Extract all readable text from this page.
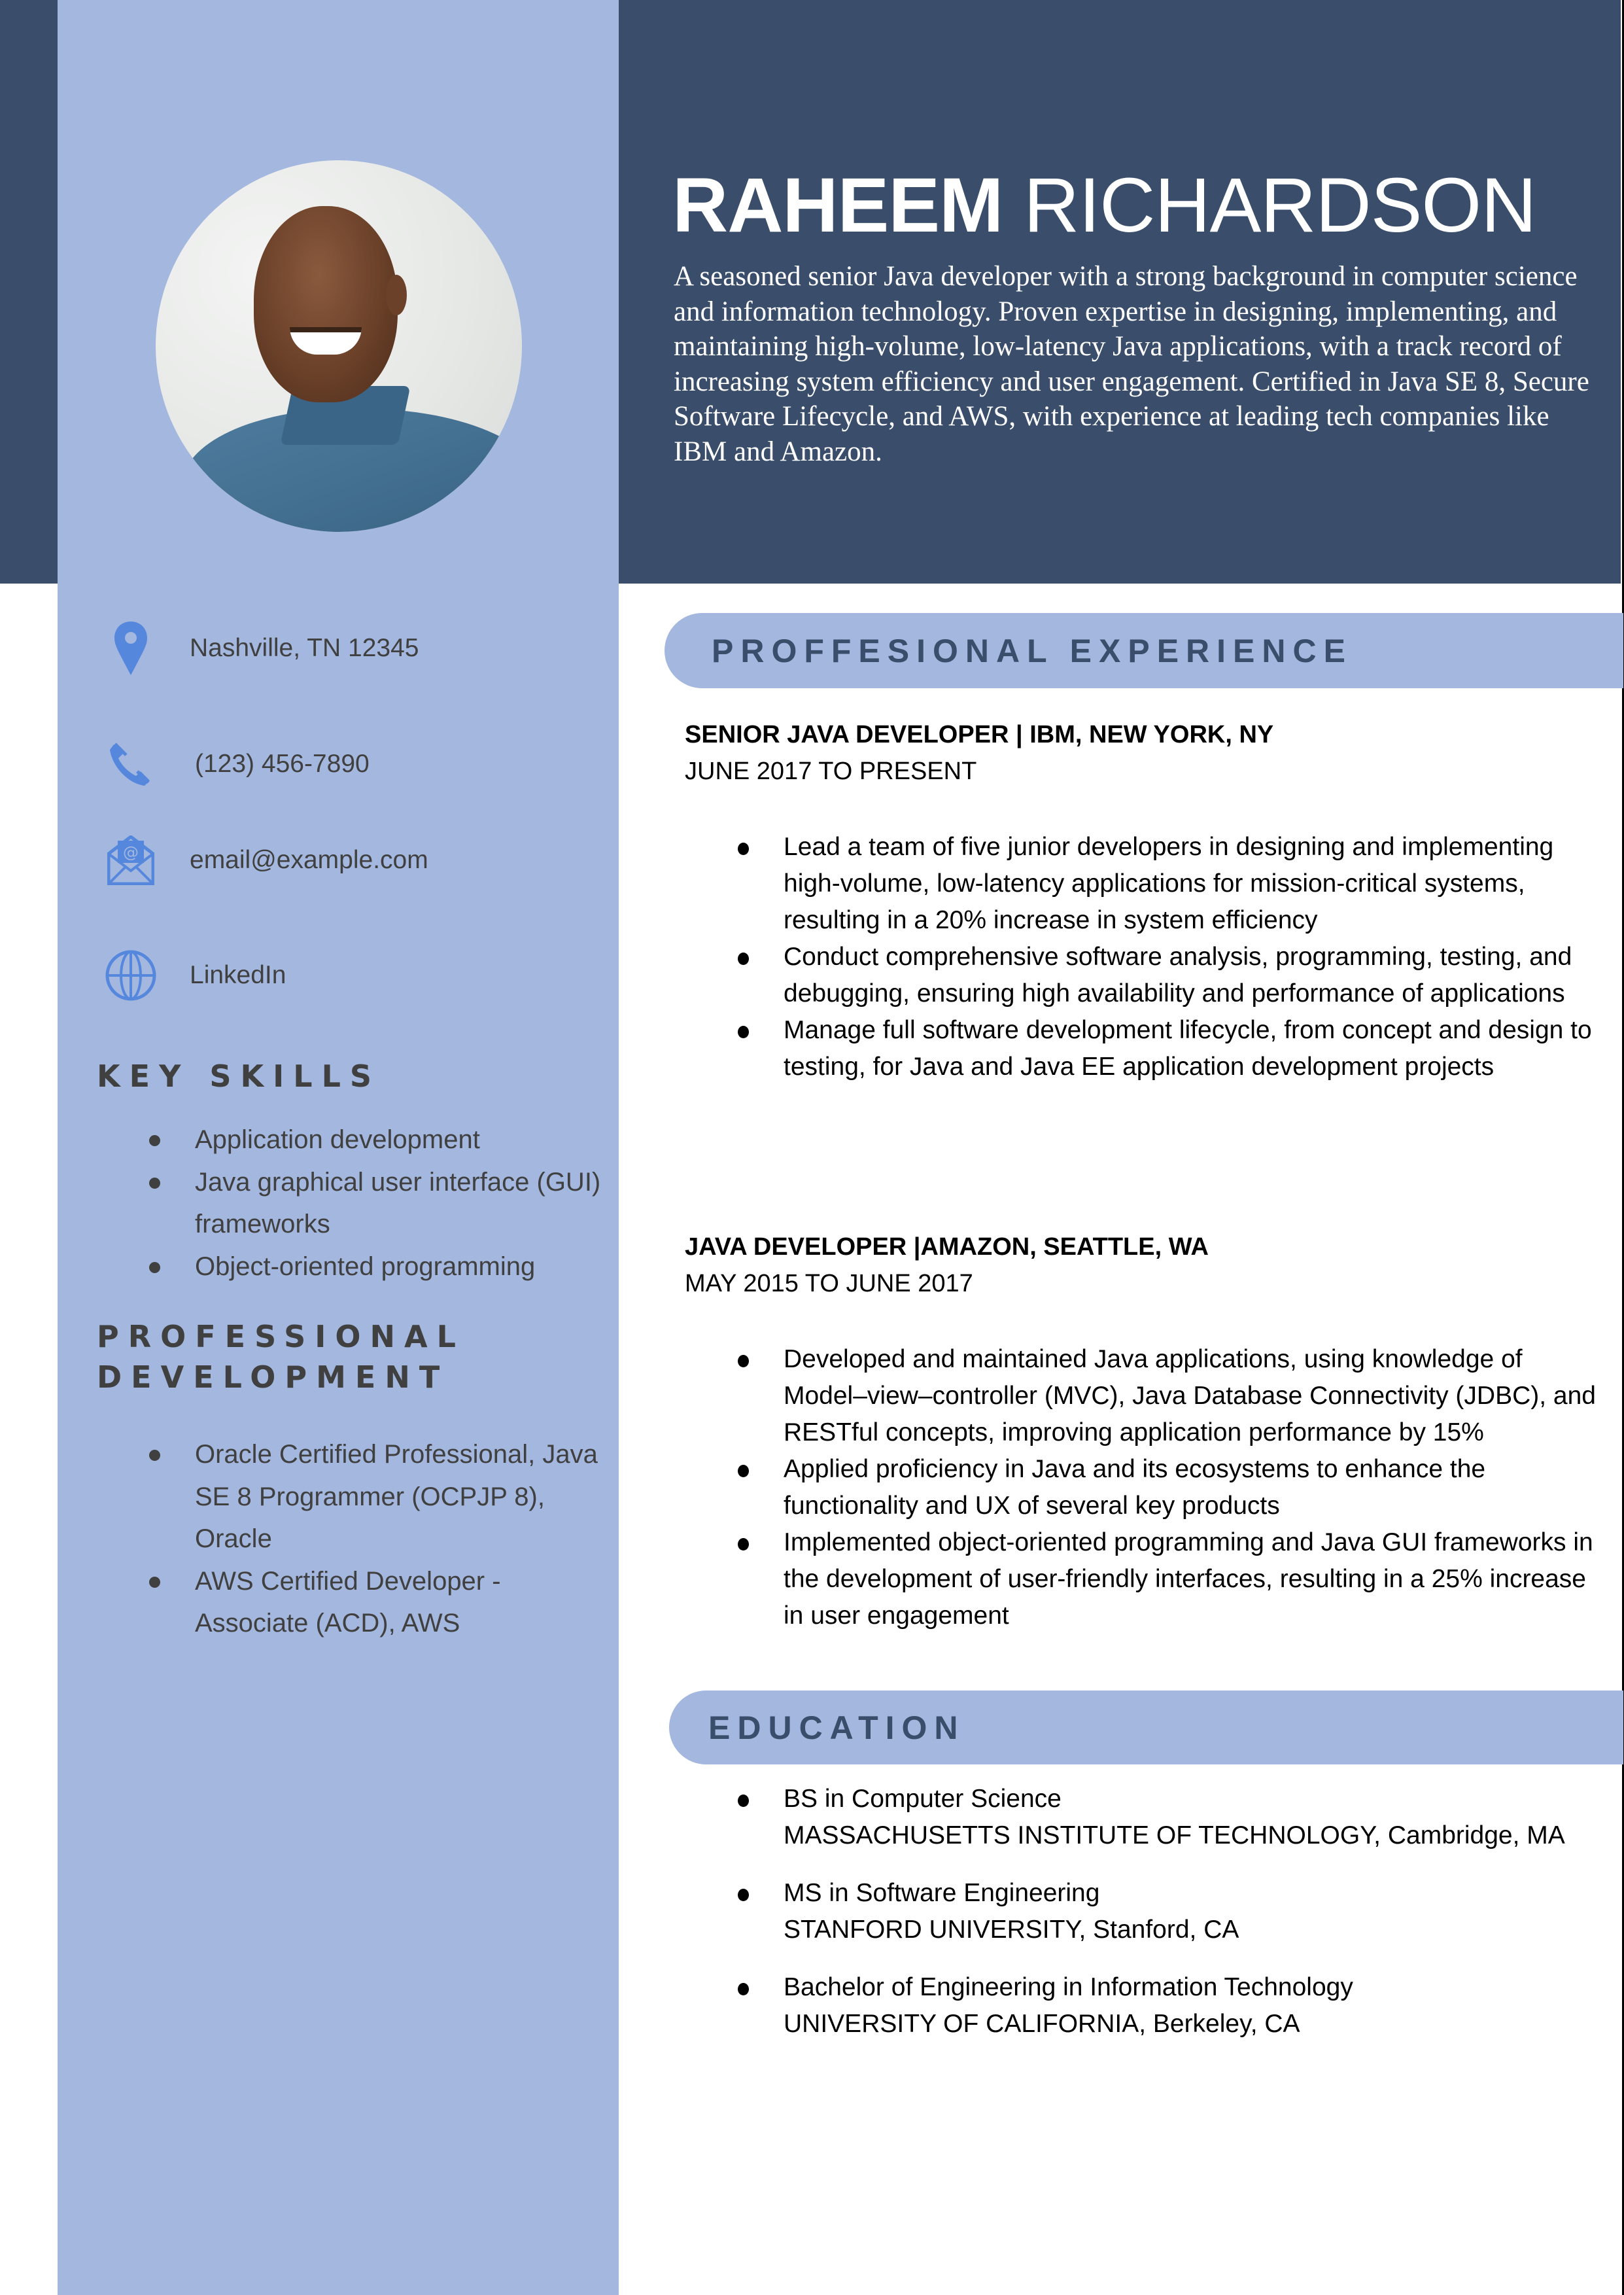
RAHEEM RICHARDSON

A seasoned senior Java developer with a strong background in computer science and information technology. Proven expertise in designing, implementing, and maintaining high-volume, low-latency Java applications, with a track record of increasing system efficiency and user engagement. Certified in Java SE 8, Secure Software Lifecycle, and AWS, with experience at leading tech companies like IBM and Amazon.

Nashville, TN 12345
(123) 456-7890
@ email@example.com
LinkedIn
KEY SKILLS
Application development
Java graphical user interface (GUI) frameworks
Object-oriented programming
PROFESSIONAL
DEVELOPMENT
Oracle Certified Professional, Java SE 8 Programmer (OCPJP 8), Oracle
AWS Certified Developer - Associate (ACD), AWS
PROFFESIONAL EXPERIENCE

SENIOR JAVA DEVELOPER | IBM, NEW YORK, NY

JUNE 2017 TO PRESENT

Lead a team of five junior developers in designing and implementing high-volume, low-latency applications for mission-critical systems, resulting in a 20% increase in system efficiency
Conduct comprehensive software analysis, programming, testing, and debugging, ensuring high availability and performance of applications
Manage full software development lifecycle, from concept and design to testing, for Java and Java EE application development projects

JAVA DEVELOPER |AMAZON, SEATTLE, WA

MAY 2015 TO JUNE 2017

Developed and maintained Java applications, using knowledge of Model–view–controller (MVC), Java Database Connectivity (JDBC), and RESTful concepts, improving application performance by 15%
Applied proficiency in Java and its ecosystems to enhance the functionality and UX of several key products
Implemented object-oriented programming and Java GUI frameworks in the development of user-friendly interfaces, resulting in a 25% increase in user engagement
EDUCATION
BS in Computer Science
MASSACHUSETTS INSTITUTE OF TECHNOLOGY, Cambridge, MA
MS in Software Engineering
STANFORD UNIVERSITY, Stanford, CA
Bachelor of Engineering in Information Technology
UNIVERSITY OF CALIFORNIA, Berkeley, CA
